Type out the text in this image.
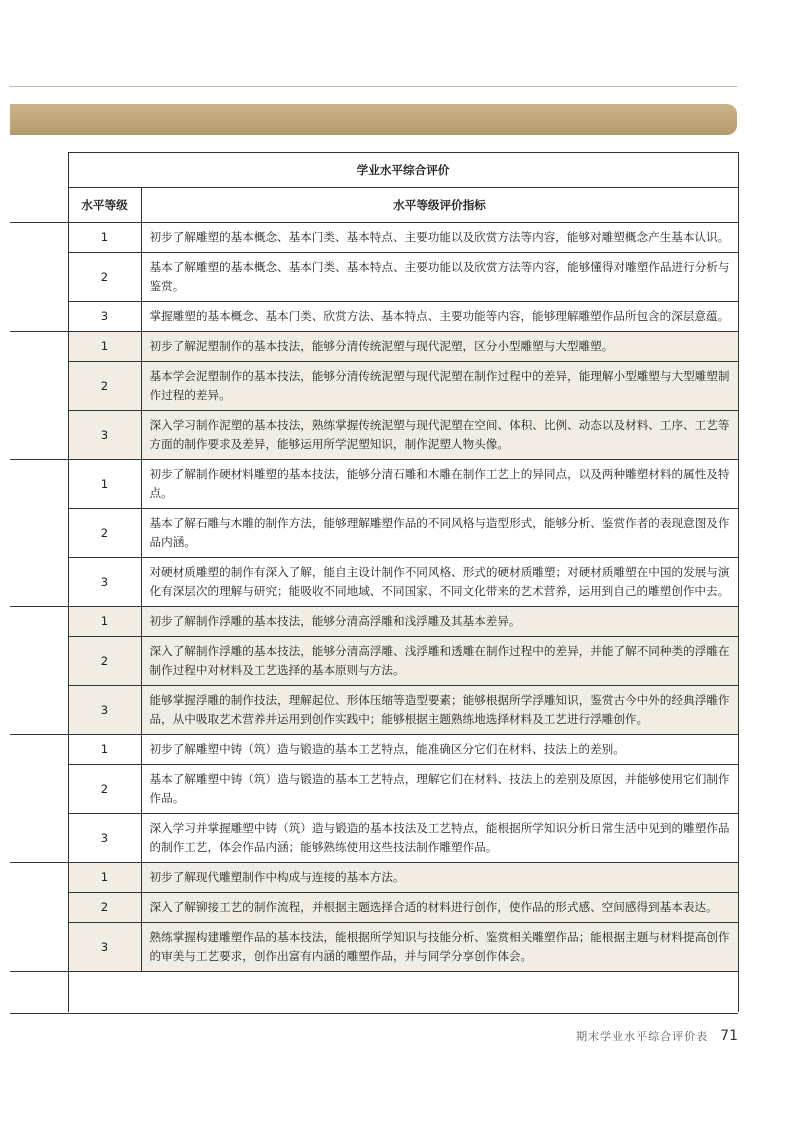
	学业水平综合评价	
	水平等级	水平等级评价指标
	1	初步了解雕塑的基本概念、基本门类、基本特点、主要功能以及欣赏方法等内容，能够对雕塑概念产生基本认识。
	2	基本了解雕塑的基本概念、基本门类、基本特点、主要功能以及欣赏方法等内容，能够懂得对雕塑作品进行分析与鉴赏。
	3	掌握雕塑的基本概念、基本门类、欣赏方法、基本特点、主要功能等内容，能够理解雕塑作品所包含的深层意蕴。
	1	初步了解泥塑制作的基本技法，能够分清传统泥塑与现代泥塑，区分小型雕塑与大型雕塑。
	2	基本学会泥塑制作的基本技法，能够分清传统泥塑与现代泥塑在制作过程中的差异，能理解小型雕塑与大型雕塑制作过程的差异。
	3	深入学习制作泥塑的基本技法，熟练掌握传统泥塑与现代泥塑在空间、体积、比例、动态以及材料、工序、工艺等方面的制作要求及差异，能够运用所学泥塑知识，制作泥塑人物头像。
	1	初步了解制作硬材料雕塑的基本技法，能够分清石雕和木雕在制作工艺上的异同点，以及两种雕塑材料的属性及特点。
	2	基本了解石雕与木雕的制作方法，能够理解雕塑作品的不同风格与造型形式，能够分析、鉴赏作者的表现意图及作品内涵。
	3	对硬材质雕塑的制作有深入了解，能自主设计制作不同风格、形式的硬材质雕塑；对硬材质雕塑在中国的发展与演化有深层次的理解与研究；能吸收不同地域、不同国家、不同文化带来的艺术营养，运用到自己的雕塑创作中去。
	1	初步了解制作浮雕的基本技法，能够分清高浮雕和浅浮雕及其基本差异。
	2	深入了解制作浮雕的基本技法，能够分清高浮雕、浅浮雕和透雕在制作过程中的差异，并能了解不同种类的浮雕在制作过程中对材料及工艺选择的基本原则与方法。
	3	能够掌握浮雕的制作技法，理解起位、形体压缩等造型要素；能够根据所学浮雕知识，鉴赏古今中外的经典浮雕作品，从中吸取艺术营养并运用到创作实践中；能够根据主题熟练地选择材料及工艺进行浮雕创作。
	1	初步了解雕塑中铸（筑）造与锻造的基本工艺特点，能准确区分它们在材料、技法上的差别。
	2	基本了解雕塑中铸（筑）造与锻造的基本工艺特点，理解它们在材料、技法上的差别及原因，并能够使用它们制作作品。
	3	深入学习并掌握雕塑中铸（筑）造与锻造的基本技法及工艺特点，能根据所学知识分析日常生活中见到的雕塑作品的制作工艺，体会作品内涵；能够熟练使用这些技法制作雕塑作品。
	1	初步了解现代雕塑制作中构成与连接的基本方法。
	2	深入了解铆接工艺的制作流程，并根据主题选择合适的材料进行创作，使作品的形式感、空间感得到基本表达。
	3	熟练掌握构建雕塑作品的基本技法，能根据所学知识与技能分析、鉴赏相关雕塑作品；能根据主题与材料提高创作的审美与工艺要求，创作出富有内涵的雕塑作品，并与同学分享创作体会。

期末学业水平综合评价表 71
